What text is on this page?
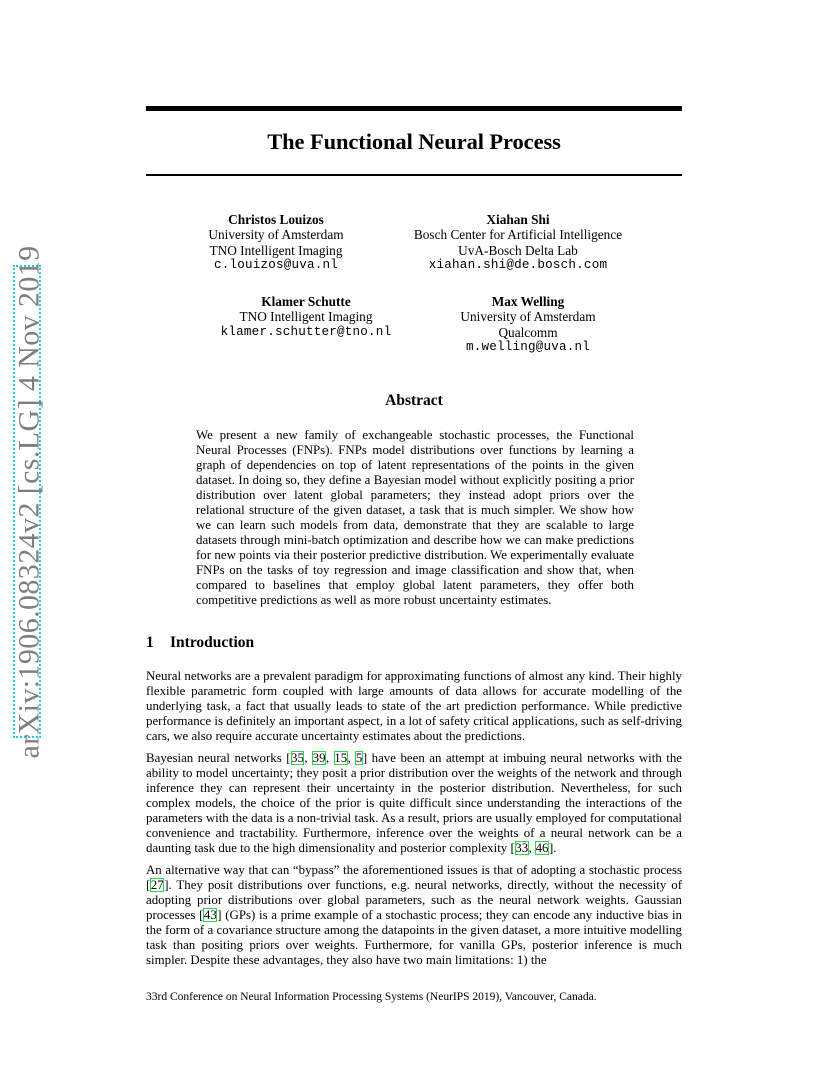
arXiv:1906.08324v2 [cs.LG] 4 Nov 2019
The Functional Neural Process
Christos Louizos
University of Amsterdam
TNO Intelligent Imaging
c.louizos@uva.nl
Xiahan Shi
Bosch Center for Artificial Intelligence
UvA-Bosch Delta Lab
xiahan.shi@de.bosch.com
Klamer Schutte
TNO Intelligent Imaging
klamer.schutter@tno.nl
Max Welling
University of Amsterdam
Qualcomm
m.welling@uva.nl
Abstract
We present a new family of exchangeable stochastic processes, the Functional Neural Processes (FNPs). FNPs model distributions over functions by learning a graph of dependencies on top of latent representations of the points in the given dataset. In doing so, they define a Bayesian model without explicitly positing a prior distribution over latent global parameters; they instead adopt priors over the relational structure of the given dataset, a task that is much simpler. We show how we can learn such models from data, demonstrate that they are scalable to large datasets through mini-batch optimization and describe how we can make predictions for new points via their posterior predictive distribution. We experimentally evaluate FNPs on the tasks of toy regression and image classification and show that, when compared to baselines that employ global latent parameters, they offer both competitive predictions as well as more robust uncertainty estimates.
1 Introduction
Neural networks are a prevalent paradigm for approximating functions of almost any kind. Their highly flexible parametric form coupled with large amounts of data allows for accurate modelling of the underlying task, a fact that usually leads to state of the art prediction performance. While predictive performance is definitely an important aspect, in a lot of safety critical applications, such as self-driving cars, we also require accurate uncertainty estimates about the predictions.
Bayesian neural networks [35, 39, 15, 5] have been an attempt at imbuing neural networks with the ability to model uncertainty; they posit a prior distribution over the weights of the network and through inference they can represent their uncertainty in the posterior distribution. Nevertheless, for such complex models, the choice of the prior is quite difficult since understanding the interactions of the parameters with the data is a non-trivial task. As a result, priors are usually employed for computational convenience and tractability. Furthermore, inference over the weights of a neural network can be a daunting task due to the high dimensionality and posterior complexity [33, 46].
An alternative way that can “bypass” the aforementioned issues is that of adopting a stochastic process [27]. They posit distributions over functions, e.g. neural networks, directly, without the necessity of adopting prior distributions over global parameters, such as the neural network weights. Gaussian processes [43] (GPs) is a prime example of a stochastic process; they can encode any inductive bias in the form of a covariance structure among the datapoints in the given dataset, a more intuitive modelling task than positing priors over weights. Furthermore, for vanilla GPs, posterior inference is much simpler. Despite these advantages, they also have two main limitations: 1) the
33rd Conference on Neural Information Processing Systems (NeurIPS 2019), Vancouver, Canada.
